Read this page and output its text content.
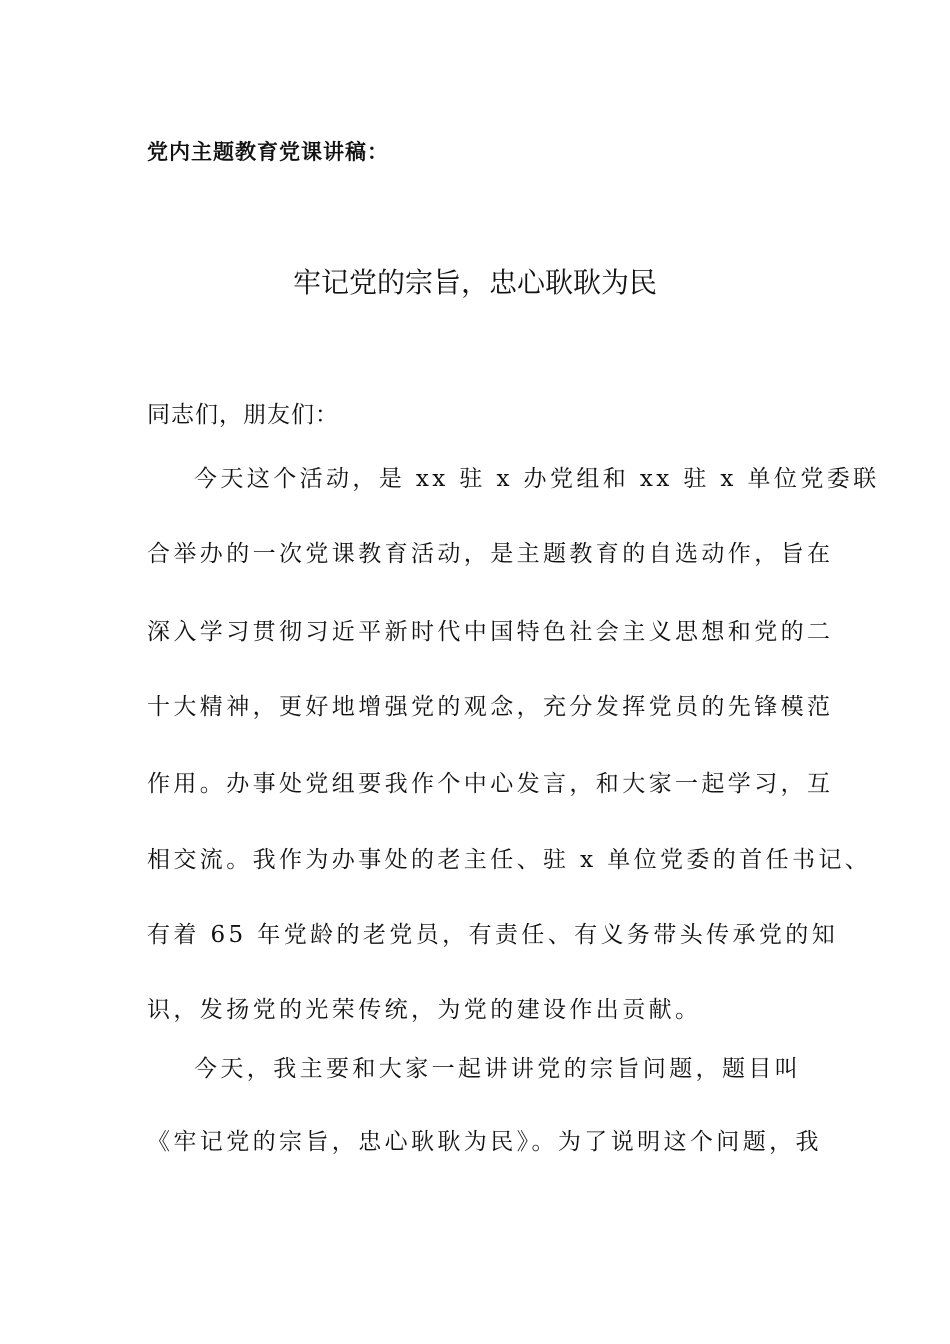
党内主题教育党课讲稿：
牢记党的宗旨，忠心耿耿为民
同志们，朋友们：
今天这个活动，是 xx 驻 x 办党组和 xx 驻 x 单位党委联
合举办的一次党课教育活动，是主题教育的自选动作，旨在
深入学习贯彻习近平新时代中国特色社会主义思想和党的二
十大精神，更好地增强党的观念，充分发挥党员的先锋模范
作用。办事处党组要我作个中心发言，和大家一起学习，互
相交流。我作为办事处的老主任、驻 x 单位党委的首任书记、
有着 65 年党龄的老党员，有责任、有义务带头传承党的知
识，发扬党的光荣传统，为党的建设作出贡献。
今天，我主要和大家一起讲讲党的宗旨问题，题目叫
《牢记党的宗旨，忠心耿耿为民》。为了说明这个问题，我
